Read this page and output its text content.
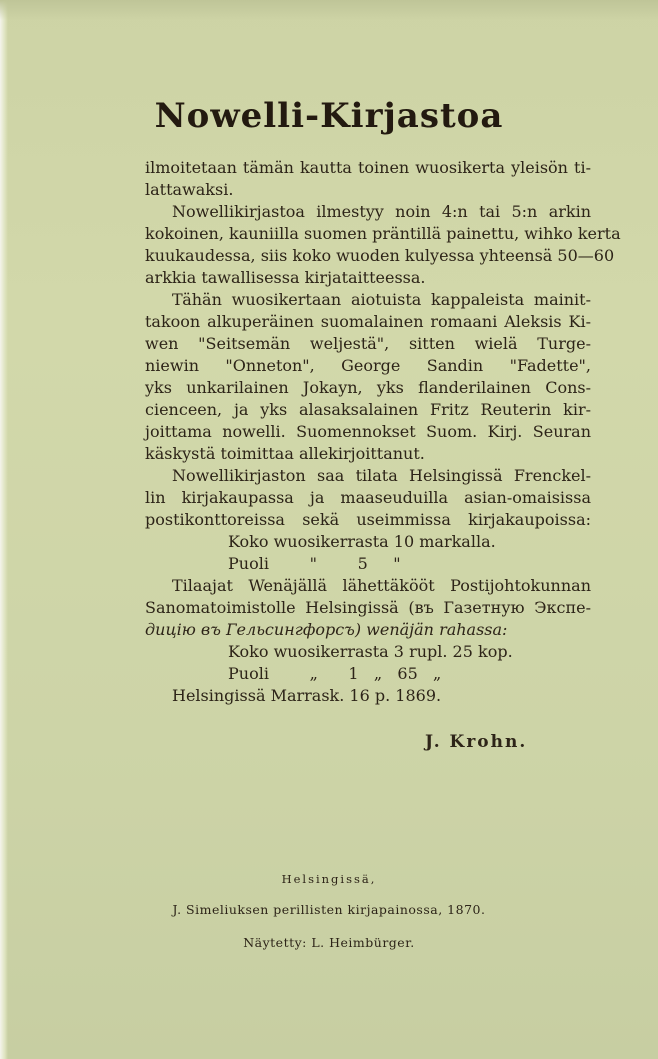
Nowelli-Kirjastoa
ilmoitetaan tämän kautta toinen wuosikerta yleisön ti-
lattawaksi.
Nowellikirjastoa ilmestyy noin 4:n tai 5:n arkin
kokoinen, kauniilla suomen präntillä painettu, wihko kerta
kuukaudessa, siis koko wuoden kulyessa yhteensä 50—60
arkkia tawallisessa kirjataitteessa.
Tähän wuosikertaan aiotuista kappaleista mainit-
takoon alkuperäinen suomalainen romaani Aleksis Ki-
wen "Seitsemän weljestä", sitten wielä Turge-
niewin "Onneton", George Sandin "Fadette",
yks unkarilainen Jokayn, yks flanderilainen Cons-
cienceen, ja yks alasaksalainen Fritz Reuterin kir-
joittama nowelli. Suomennokset Suom. Kirj. Seuran
käskystä toimittaa allekirjoittanut.
Nowellikirjaston saa tilata Helsingissä Frenckel-
lin kirjakaupassa ja maaseuduilla asian-omaisissa
postikonttoreissa sekä useimmissa kirjakaupoissa:
Koko wuosikerrasta 10 markalla.
Puoli        "        5     "
Tilaajat Wenäjällä lähettäkööt Postijohtokunnan
Sanomatoimistolle Helsingissä (въ Газетную Экспе-
дицію въ Гельсингфорсъ) wenäjän rahassa:
Koko wuosikerrasta 3 rupl. 25 kop.
Puoli        „      1   „   65   „
Helsingissä Marrask. 16 p. 1869.
J. Krohn.
Helsingissä,
J. Simeliuksen perillisten kirjapainossa, 1870.
Näytetty: L. Heimbürger.
